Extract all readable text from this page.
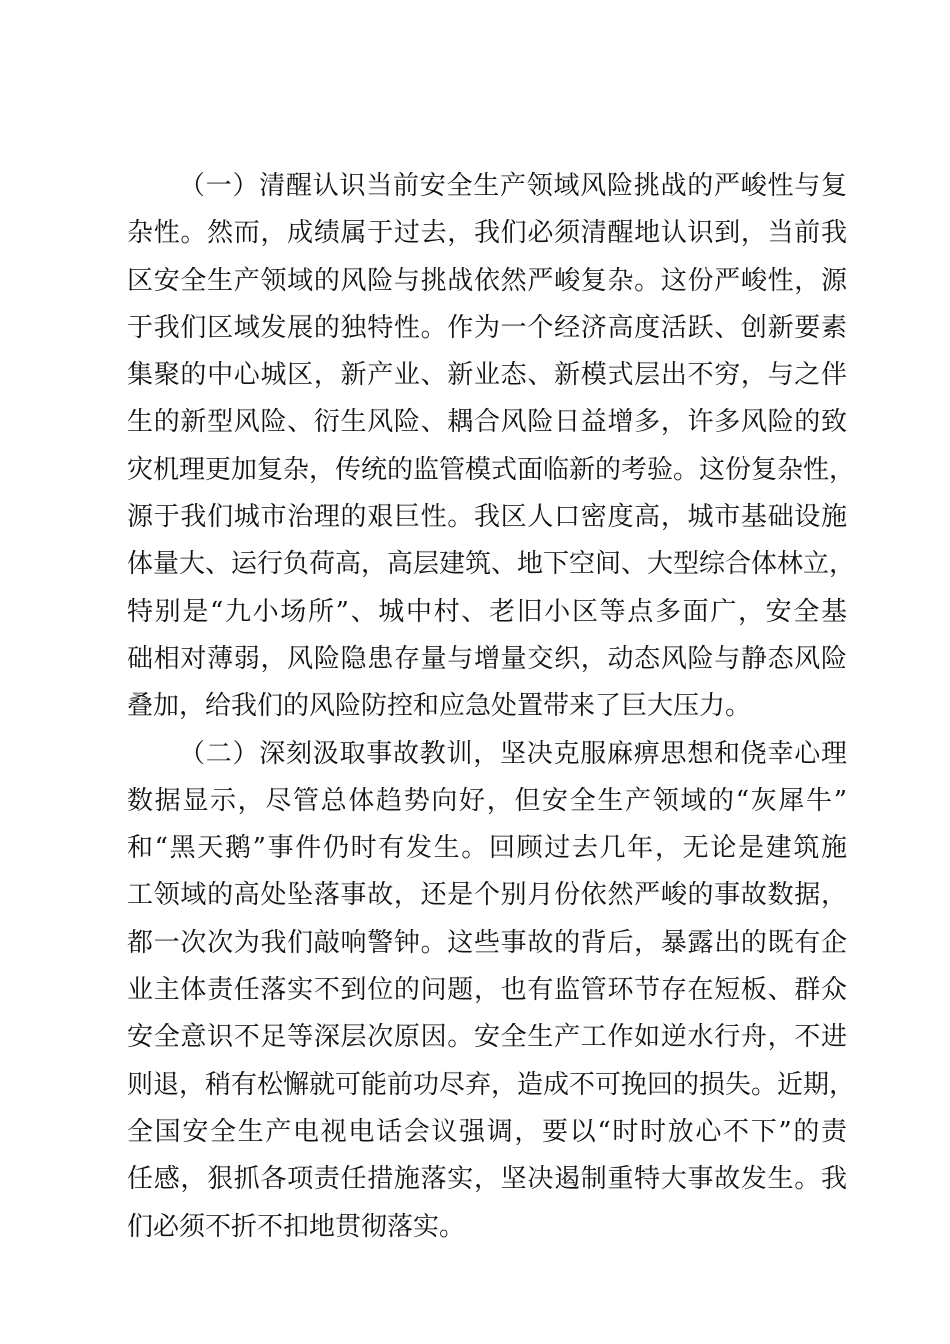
（一）清醒认识当前安全生产领域风险挑战的严峻性与复
杂性。然而，成绩属于过去，我们必须清醒地认识到，当前我
区安全生产领域的风险与挑战依然严峻复杂。这份严峻性，源
于我们区域发展的独特性。作为一个经济高度活跃、创新要素
集聚的中心城区，新产业、新业态、新模式层出不穷，与之伴
生的新型风险、衍生风险、耦合风险日益增多，许多风险的致
灾机理更加复杂，传统的监管模式面临新的考验。这份复杂性，
源于我们城市治理的艰巨性。我区人口密度高，城市基础设施
体量大、运行负荷高，高层建筑、地下空间、大型综合体林立，
特别是“九小场所”、城中村、老旧小区等点多面广，安全基
础相对薄弱，风险隐患存量与增量交织，动态风险与静态风险
叠加，给我们的风险防控和应急处置带来了巨大压力。
（二）深刻汲取事故教训，坚决克服麻痹思想和侥幸心理
数据显示，尽管总体趋势向好，但安全生产领域的“灰犀牛”
和“黑天鹅”事件仍时有发生。回顾过去几年，无论是建筑施
工领域的高处坠落事故，还是个别月份依然严峻的事故数据，
都一次次为我们敲响警钟。这些事故的背后，暴露出的既有企
业主体责任落实不到位的问题，也有监管环节存在短板、群众
安全意识不足等深层次原因。安全生产工作如逆水行舟，不进
则退，稍有松懈就可能前功尽弃，造成不可挽回的损失。近期，
全国安全生产电视电话会议强调，要以“时时放心不下”的责
任感，狠抓各项责任措施落实，坚决遏制重特大事故发生。我
们必须不折不扣地贯彻落实。
